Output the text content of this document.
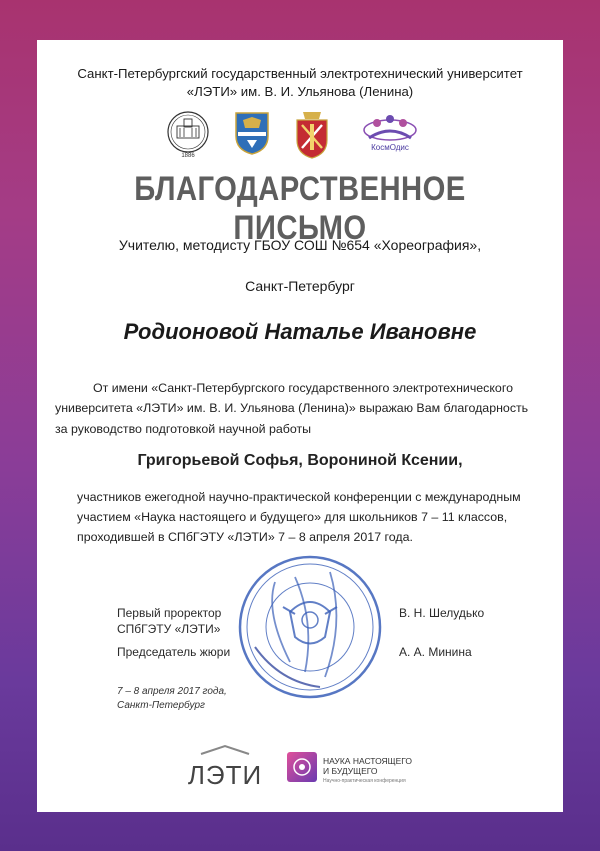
Санкт-Петербургский государственный электротехнический университет
«ЛЭТИ» им. В. И. Ульянова (Ленина)
1886
КосмОдис
БЛАГОДАРСТВЕННОЕ ПИСЬМО
Учителю, методисту ГБОУ СОШ №654 «Хореография»,
Санкт-Петербург
Родионовой Наталье Ивановне
От имени «Санкт-Петербургского государственного электротехнического
университета «ЛЭТИ» им. В. И. Ульянова (Ленина)» выражаю Вам благодарность
за руководство подготовкой научной работы
Григорьевой Софья, Ворониной Ксении,
участников ежегодной научно-практической конференции с международным
участием «Наука настоящего и будущего» для школьников 7 – 11 классов,
проходившей в СПбГЭТУ «ЛЭТИ» 7 – 8 апреля 2017 года.
Первый проректор
СПбГЭТУ «ЛЭТИ»
В. Н. Шелудько
Председатель жюри	А. А. Минина
7 – 8 апреля 2017 года,
Санкт-Петербург
ЛЭТИ	НАУКА НАСТОЯЩЕГО
И БУДУЩЕГО
Научно-практическая конференция
